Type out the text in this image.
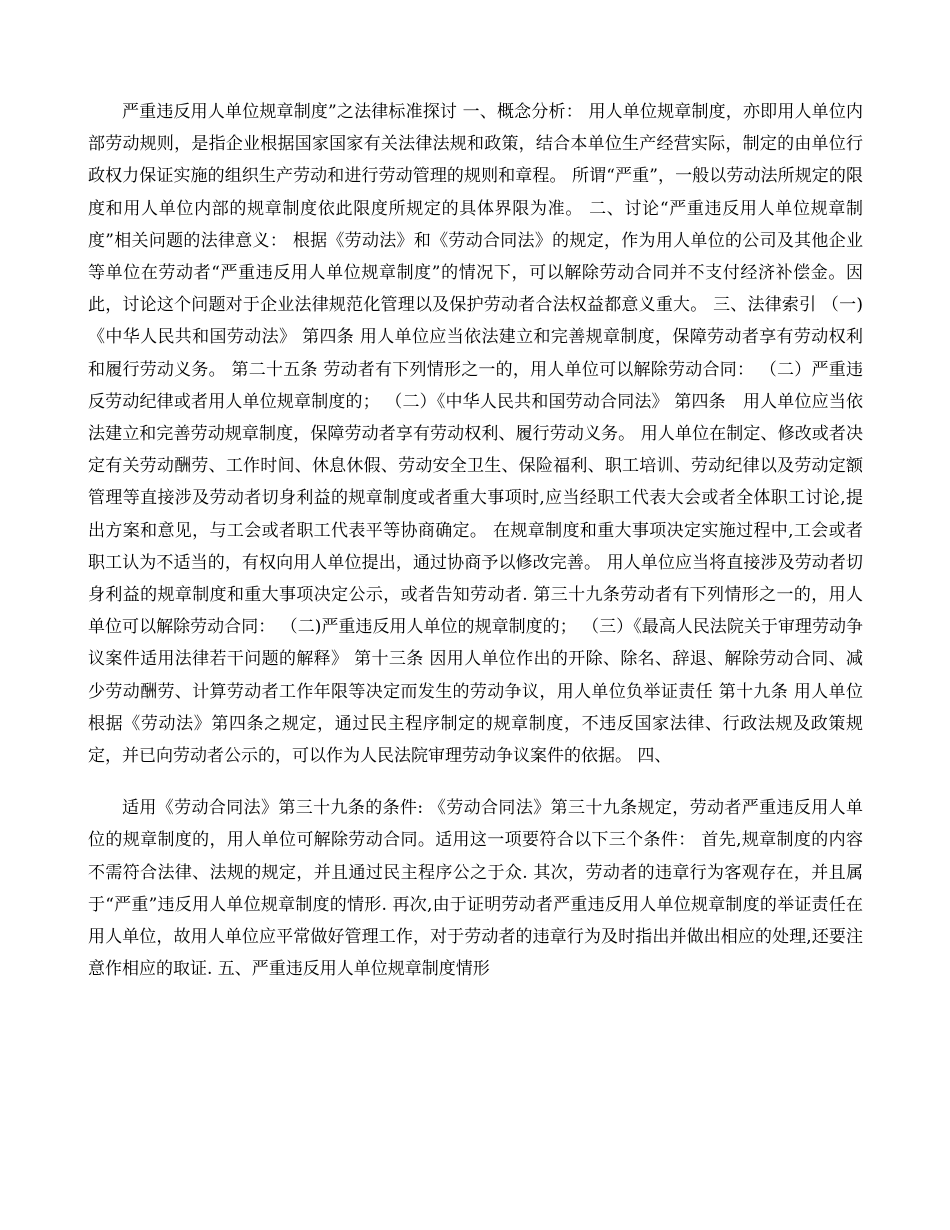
严重违反用人单位规章制度”之法律标准探讨 一、概念分析： 用人单位规章制度，亦即用人单位内部劳动规则，是指企业根据国家国家有关法律法规和政策，结合本单位生产经营实际，制定的由单位行政权力保证实施的组织生产劳动和进行劳动管理的规则和章程。 所谓“严重”，一般以劳动法所规定的限度和用人单位内部的规章制度依此限度所规定的具体界限为准。 二、讨论“严重违反用人单位规章制度”相关问题的法律意义： 根据《劳动法》和《劳动合同法》的规定，作为用人单位的公司及其他企业等单位在劳动者“严重违反用人单位规章制度”的情况下，可以解除劳动合同并不支付经济补偿金。因此，讨论这个问题对于企业法律规范化管理以及保护劳动者合法权益都意义重大。 三、法律索引 （一)《中华人民共和国劳动法》 第四条 用人单位应当依法建立和完善规章制度，保障劳动者享有劳动权利和履行劳动义务。 第二十五条 劳动者有下列情形之一的，用人单位可以解除劳动合同： （二）严重违反劳动纪律或者用人单位规章制度的； （二）《中华人民共和国劳动合同法》 第四条　用人单位应当依法建立和完善劳动规章制度，保障劳动者享有劳动权利、履行劳动义务。 用人单位在制定、修改或者决定有关劳动酬劳、工作时间、休息休假、劳动安全卫生、保险福利、职工培训、劳动纪律以及劳动定额管理等直接涉及劳动者切身利益的规章制度或者重大事项时,应当经职工代表大会或者全体职工讨论,提出方案和意见，与工会或者职工代表平等协商确定。 在规章制度和重大事项决定实施过程中,工会或者职工认为不适当的，有权向用人单位提出，通过协商予以修改完善。 用人单位应当将直接涉及劳动者切身利益的规章制度和重大事项决定公示，或者告知劳动者. 第三十九条劳动者有下列情形之一的，用人单位可以解除劳动合同： （二)严重违反用人单位的规章制度的； （三）《最高人民法院关于审理劳动争议案件适用法律若干问题的解释》 第十三条 因用人单位作出的开除、除名、辞退、解除劳动合同、减少劳动酬劳、计算劳动者工作年限等决定而发生的劳动争议，用人单位负举证责任 第十九条 用人单位根据《劳动法》第四条之规定，通过民主程序制定的规章制度，不违反国家法律、行政法规及政策规定，并已向劳动者公示的，可以作为人民法院审理劳动争议案件的依据。 四、

适用《劳动合同法》第三十九条的条件: 《劳动合同法》第三十九条规定，劳动者严重违反用人单位的规章制度的，用人单位可解除劳动合同。适用这一项要符合以下三个条件： 首先,规章制度的内容不需符合法律、法规的规定，并且通过民主程序公之于众. 其次，劳动者的违章行为客观存在，并且属于“严重”违反用人单位规章制度的情形. 再次,由于证明劳动者严重违反用人单位规章制度的举证责任在用人单位，故用人单位应平常做好管理工作，对于劳动者的违章行为及时指出并做出相应的处理,还要注意作相应的取证. 五、严重违反用人单位规章制度情形
